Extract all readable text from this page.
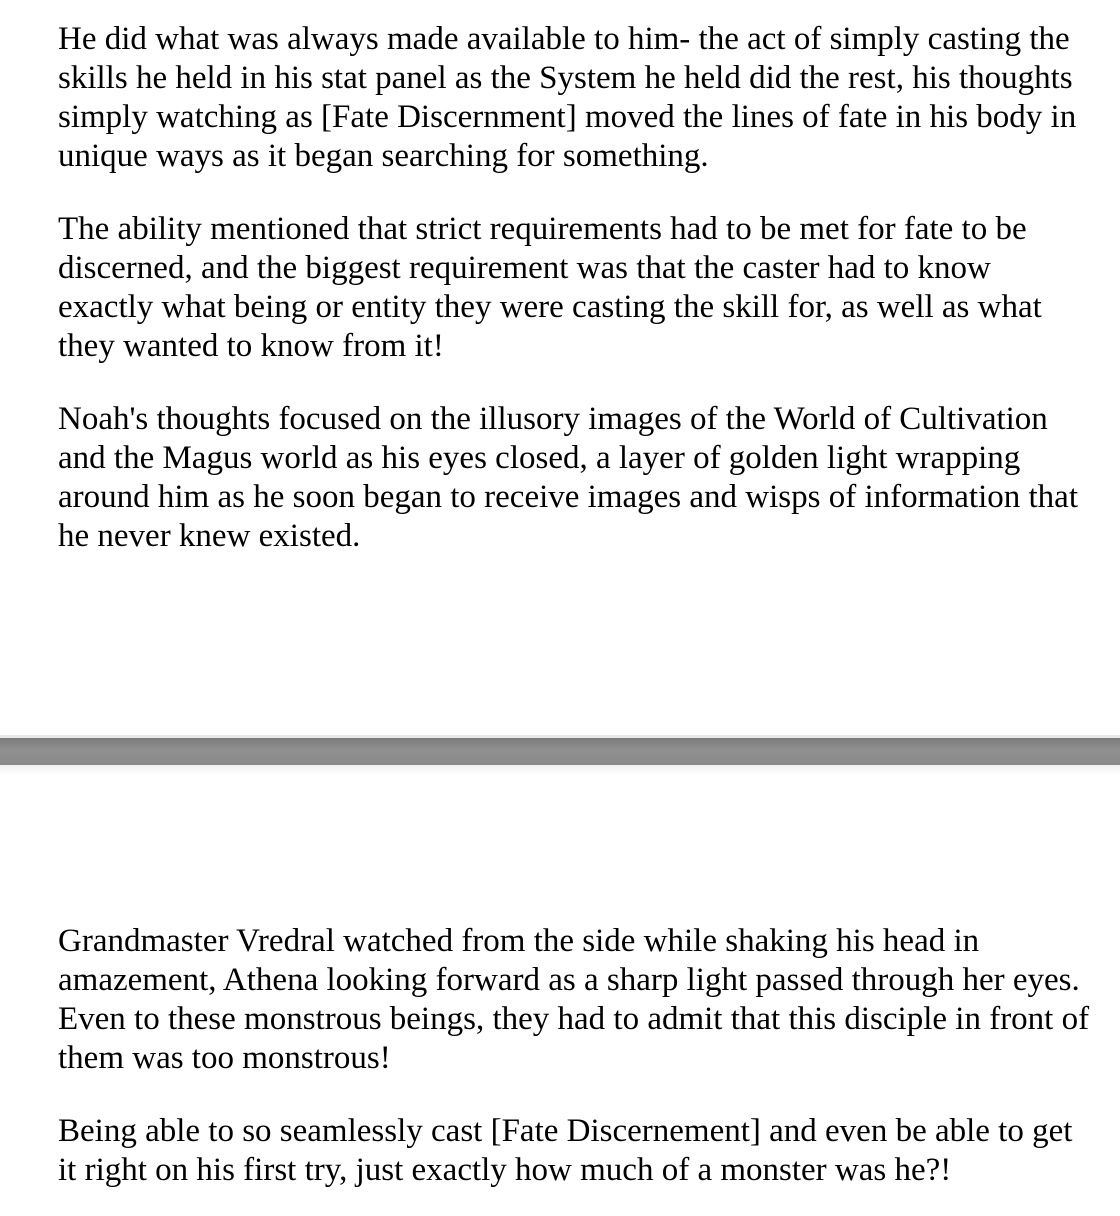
He did what was always made available to him- the act of simply casting the skills he held in his stat panel as the System he held did the rest, his thoughts simply watching as [Fate Discernment] moved the lines of fate in his body in unique ways as it began searching for something.

The ability mentioned that strict requirements had to be met for fate to be discerned, and the biggest requirement was that the caster had to know exactly what being or entity they were casting the skill for, as well as what they wanted to know from it!

Noah's thoughts focused on the illusory images of the World of Cultivation and the Magus world as his eyes closed, a layer of golden light wrapping around him as he soon began to receive images and wisps of information that he never knew existed.

Grandmaster Vredral watched from the side while shaking his head in amazement, Athena looking forward as a sharp light passed through her eyes. Even to these monstrous beings, they had to admit that this disciple in front of them was too monstrous!

Being able to so seamlessly cast [Fate Discernement] and even be able to get it right on his first try, just exactly how much of a monster was he?!
